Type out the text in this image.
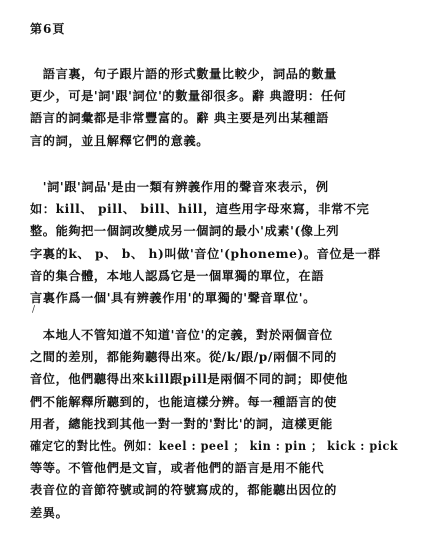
第6頁
　語言裏，句子跟片語的形式數量比較少，詞品的數量
更少，可是'詞'跟'詞位'的數量卻很多。辭 典證明：任何
語言的詞彙都是非常豐富的。辭 典主要是列出某種語
言的詞，並且解釋它們的意義。
　'詞'跟'詞品'是由一類有辨義作用的聲音來表示，例
如：kill、 pill、 bill、hill，這些用字母來寫，非常不完
整。能夠把一個詞改變成另一個詞的最小'成素'(像上列
字裏的k、 p、 b、 h)叫做'音位'(phoneme)。音位是一群
音的集合體，本地人認爲它是一個單獨的單位，在語
言裏作爲一個'具有辨義作用'的單獨的'聲音單位'。
/
　本地人不管知道不知道'音位'的定義，對於兩個音位
之間的差別，都能夠聽得出來。從/k/跟/p/兩個不同的
音位，他們聽得出來kill跟pill是兩個不同的詞；即使他
們不能解釋所聽到的，也能這樣分辨。每一種語言的使
用者，總能找到其他一對一對的'對比'的詞，這樣更能
確定它的對比性。例如：keel : peel ； kin : pin ； kick : pick
等等。不管他們是文盲，或者他們的語言是用不能代
表音位的音節符號或詞的符號寫成的，都能聽出因位的
差異。
